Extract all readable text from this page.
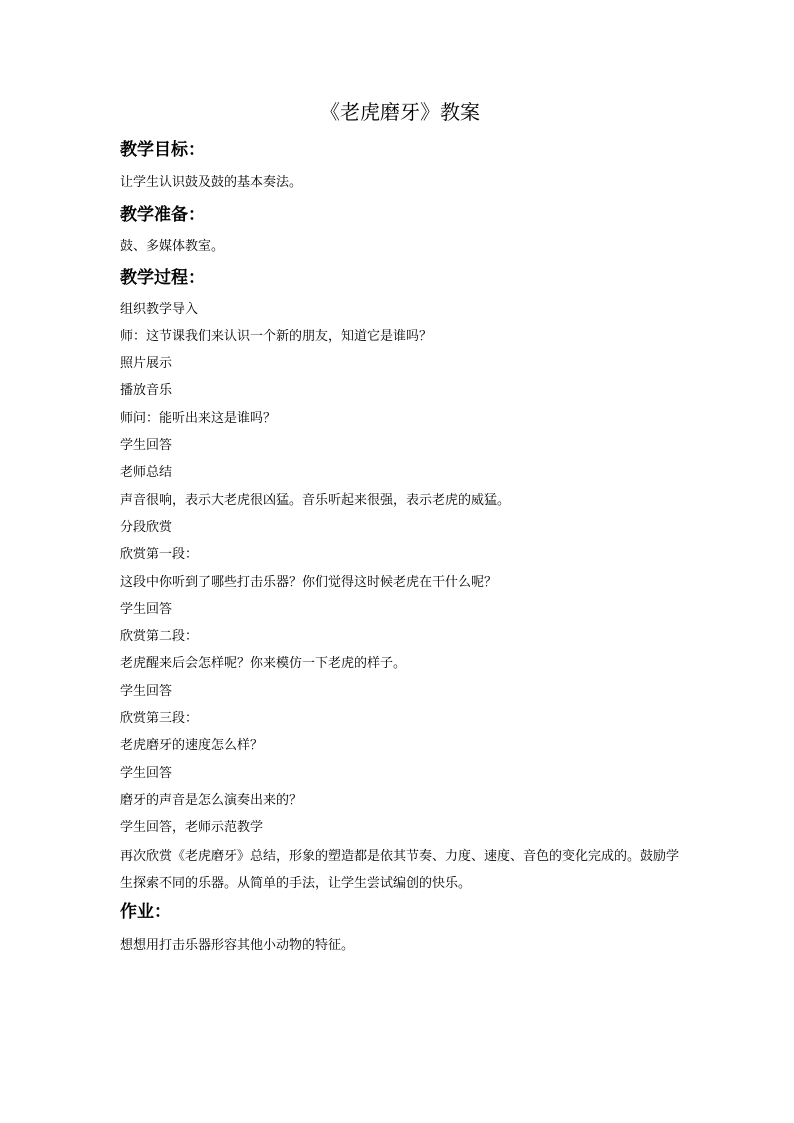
《老虎磨牙》教案
教学目标：

让学生认识鼓及鼓的基本奏法。

教学准备：

鼓、多媒体教室。

教学过程：

组织教学导入

师：这节课我们来认识一个新的朋友，知道它是谁吗？

照片展示

播放音乐

师问：能听出来这是谁吗？

学生回答

老师总结

声音很响，表示大老虎很凶猛。音乐听起来很强，表示老虎的威猛。

分段欣赏

欣赏第一段：

这段中你听到了哪些打击乐器？你们觉得这时候老虎在干什么呢？

学生回答

欣赏第二段：

老虎醒来后会怎样呢？你来模仿一下老虎的样子。

学生回答

欣赏第三段：

老虎磨牙的速度怎么样？

学生回答

磨牙的声音是怎么演奏出来的？

学生回答，老师示范教学

再次欣赏《老虎磨牙》总结，形象的塑造都是依其节奏、力度、速度、音色的变化完成的。鼓励学生探索不同的乐器。从简单的手法，让学生尝试编创的快乐。

作业：

想想用打击乐器形容其他小动物的特征。
